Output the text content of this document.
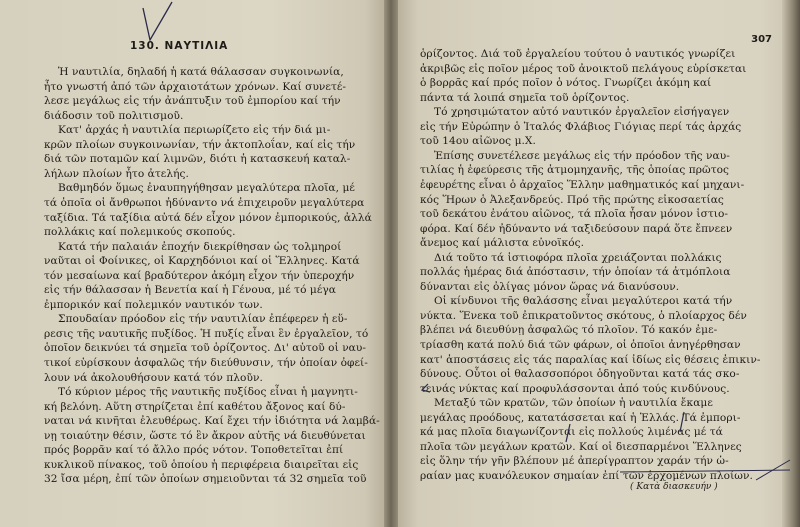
130. ΝΑΥΤΙΛΙΑ
Ἡ ναυτιλία, δηλαδή ἡ κατά θάλασσαν συγκοινωνία,
ἦτο γνωστή ἀπό τῶν ἀρχαιοτάτων χρόνων. Καί συνετέ-
λεσε μεγάλως εἰς τήν ἀνάπτυξιν τοῦ ἐμπορίου καί τήν
διάδοσιν τοῦ πολιτισμοῦ.
Κατ' ἀρχάς ἡ ναυτιλία περιωρίζετο εἰς τήν διά μι-
κρῶν πλοίων συγκοινωνίαν, τήν ἀκτοπλοΐαν, καί εἰς τήν
διά τῶν ποταμῶν καί λιμνῶν, διότι ἡ κατασκευή καταλ-
λήλων πλοίων ἦτο ἀτελής.
Βαθμηδόν ὅμως ἐναυπηγήθησαν μεγαλύτερα πλοῖα, μέ
τά ὁποῖα οἱ ἄνθρωποι ἠδύναντο νά ἐπιχειροῦν μεγαλύτερα
ταξίδια. Τά ταξίδια αὐτά δέν εἶχον μόνον ἐμπορικούς, ἀλλά
πολλάκις καί πολεμικούς σκοπούς.
Κατά τήν παλαιάν ἐποχήν διεκρίθησαν ὡς τολμηροί
ναῦται οἱ Φοίνικες, οἱ Καρχηδόνιοι καί οἱ Ἕλληνες. Κατά
τόν μεσαίωνα καί βραδύτερον ἀκόμη εἶχον τήν ὑπεροχήν
εἰς τήν θάλασσαν ἡ Βενετία καί ἡ Γένουα, μέ τό μέγα
ἐμπορικόν καί πολεμικόν ναυτικόν των.
Σπουδαίαν πρόοδον εἰς τήν ναυτιλίαν ἐπέφερεν ἡ εὕ-
ρεσις τῆς ναυτικῆς πυξίδος. Ἡ πυξίς εἶναι ἓν ἐργαλεῖον, τό
ὁποῖον δεικνύει τά σημεῖα τοῦ ὁρίζοντος. Δι' αὐτοῦ οἱ ναυ-
τικοί εὑρίσκουν ἀσφαλῶς τήν διεύθυνσιν, τήν ὁποίαν ὀφεί-
λουν νά ἀκολουθήσουν κατά τόν πλοῦν.
Τό κύριον μέρος τῆς ναυτικῆς πυξίδος εἶναι ἡ μαγνητι-
κή βελόνη. Αὕτη στηρίζεται ἐπί καθέτου ἄξονος καί δύ-
ναται νά κινῆται ἐλευθέρως. Καί ἔχει τήν ἰδιότητα νά λαμβά-
νῃ τοιαύτην θέσιν, ὥστε τό ἓν ἄκρον αὐτῆς νά διευθύνεται
πρός βορρᾶν καί τό ἄλλο πρός νότον. Τοποθετεῖται ἐπί
κυκλικοῦ πίνακος, τοῦ ὁποίου ἡ περιφέρεια διαιρεῖται εἰς
32 ἴσα μέρη, ἐπί τῶν ὁποίων σημειοῦνται τά 32 σημεῖα τοῦ
307
ὁρίζοντος. Διά τοῦ ἐργαλείου τούτου ὁ ναυτικός γνωρίζει
ἀκριβῶς εἰς ποῖον μέρος τοῦ ἀνοικτοῦ πελάγους εὑρίσκεται
ὁ βορρᾶς καί πρός ποῖον ὁ νότος. Γνωρίζει ἀκόμη καί
πάντα τά λοιπά σημεῖα τοῦ ὁρίζοντος.
Τό χρησιμώτατον αὐτό ναυτικόν ἐργαλεῖον εἰσήγαγεν
εἰς τήν Εὐρώπην ὁ Ἰταλός Φλάβιος Γιόγιας περί τάς ἀρχάς
τοῦ 14ου αἰῶνος μ.Χ.
Ἐπίσης συνετέλεσε μεγάλως εἰς τήν πρόοδον τῆς ναυ-
τιλίας ἡ ἐφεύρεσις τῆς ἀτμομηχανῆς, τῆς ὁποίας πρῶτος
ἐφευρέτης εἶναι ὁ ἀρχαῖος Ἕλλην μαθηματικός καί μηχανι-
κός Ἥρων ὁ Ἀλεξανδρεύς. Πρό τῆς πρώτης εἰκοσαετίας
τοῦ δεκάτου ἐνάτου αἰῶνος, τά πλοῖα ἦσαν μόνον ἱστιο-
φόρα. Καί δέν ἠδύναντο νά ταξιδεύσουν παρά ὅτε ἔπνεεν
ἄνεμος καί μάλιστα εὐνοϊκός.
Διά τοῦτο τά ἱστιοφόρα πλοῖα χρειάζονται πολλάκις
πολλάς ἡμέρας διά ἀπόστασιν, τήν ὁποίαν τά ἀτμόπλοια
δύνανται εἰς ὀλίγας μόνον ὥρας νά διανύσουν.
Οἱ κίνδυνοι τῆς θαλάσσης εἶναι μεγαλύτεροι κατά τήν
νύκτα. Ἕνεκα τοῦ ἐπικρατοῦντος σκότους, ὁ πλοίαρχος δέν
βλέπει νά διευθύνῃ ἀσφαλῶς τό πλοῖον. Τό κακόν ἐμε-
τρίασθη κατά πολύ διά τῶν φάρων, οἱ ὁποῖοι ἀνηγέρθησαν
κατ' ἀποστάσεις εἰς τάς παραλίας καί ἰδίως εἰς θέσεις ἐπικιν-
δύνους. Οὗτοι οἱ θαλασσοπόροι ὁδηγοῦνται κατά τάς σκο-
τεινάς νύκτας καί προφυλάσσονται ἀπό τούς κινδύνους.
Μεταξύ τῶν κρατῶν, τῶν ὁποίων ἡ ναυτιλία ἔκαμε
μεγάλας προόδους, κατατάσσεται καί ἡ Ἑλλάς. Τά ἐμπορι-
κά μας πλοῖα διαγωνίζονται εἰς πολλούς λιμένας μέ τά
πλοῖα τῶν μεγάλων κρατῶν. Καί οἱ διεσπαρμένοι Ἕλληνες
εἰς ὅλην τήν γῆν βλέπουν μέ ἀπερίγραπτον χαράν τήν ὡ-
ραίαν μας κυανόλευκον σημαίαν ἐπί τῶν ἐρχομένων πλοίων.
( Κατὰ διασκευήν )
